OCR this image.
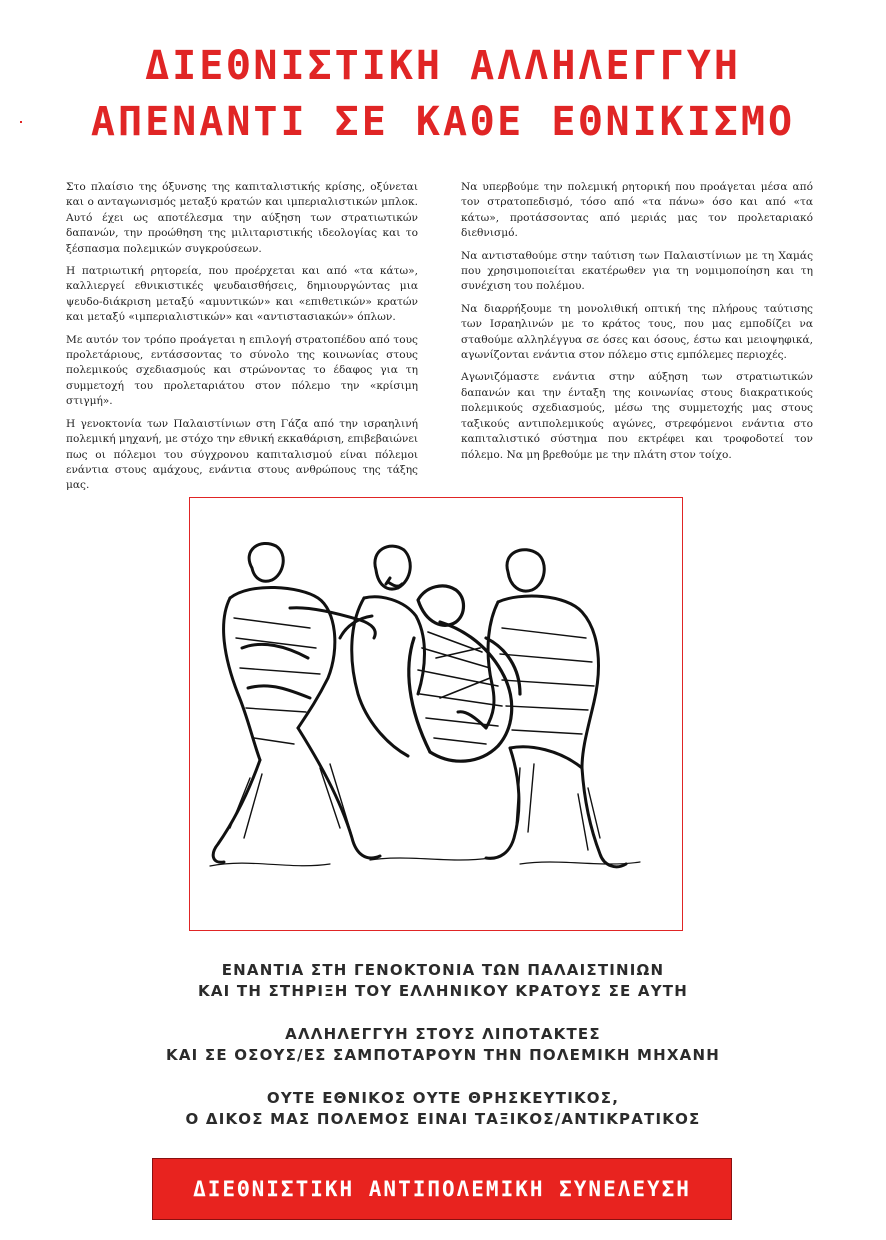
ΔΙΕΘΝΙΣΤΙΚΗ ΑΛΛΗΛΕΓΓΥΗ
ΑΠΕΝΑΝΤΙ ΣΕ ΚΑΘΕ ΕΘΝΙΚΙΣΜΟ

Στο πλαίσιο της όξυνσης της καπιταλιστικής κρίσης, οξύνεται και ο ανταγωνισμός μεταξύ κρατών και ιμπεριαλιστικών μπλοκ. Αυτό έχει ως αποτέλεσμα την αύξηση των στρατιωτικών δαπανών, την προώθηση της μιλιταριστικής ιδεολογίας και το ξέσπασμα πολεμικών συγκρούσεων.

Η πατριωτική ρητορεία, που προέρχεται και από «τα κάτω», καλλιεργεί εθνικιστικές ψευδαισθήσεις, δημιουργώντας μια ψευδο-διάκριση μεταξύ «αμυντικών» και «επιθετικών» κρατών και μεταξύ «ιμπεριαλιστικών» και «αντιστασιακών» όπλων.

Με αυτόν τον τρόπο προάγεται η επιλογή στρατοπέδου από τους προλετάριους, εντάσσοντας το σύνολο της κοινωνίας στους πολεμικούς σχεδιασμούς και στρώνοντας το έδαφος για τη συμμετοχή του προλεταριάτου στον πόλεμο την «κρίσιμη στιγμή».

Η γενοκτονία των Παλαιστίνιων στη Γάζα από την ισραηλινή πολεμική μηχανή, με στόχο την εθνική εκκαθάριση, επιβεβαιώνει πως οι πόλεμοι του σύγχρονου καπιταλισμού είναι πόλεμοι ενάντια στους αμάχους, ενάντια στους ανθρώπους της τάξης μας.

Να υπερβούμε την πολεμική ρητορική που προάγεται μέσα από τον στρατοπεδισμό, τόσο από «τα πάνω» όσο και από «τα κάτω», προτάσσοντας από μεριάς μας τον προλεταριακό διεθνισμό.

Να αντισταθούμε στην ταύτιση των Παλαιστίνιων με τη Χαμάς που χρησιμοποιείται εκατέρωθεν για τη νομιμοποίηση και τη συνέχιση του πολέμου.

Να διαρρήξουμε τη μονολιθική οπτική της πλήρους ταύτισης των Ισραηλινών με το κράτος τους, που μας εμποδίζει να σταθούμε αλληλέγγυα σε όσες και όσους, έστω και μειοψηφικά, αγωνίζονται ενάντια στον πόλεμο στις εμπόλεμες περιοχές.

Αγωνιζόμαστε ενάντια στην αύξηση των στρατιωτικών δαπανών και την ένταξη της κοινωνίας στους διακρατικούς πολεμικούς σχεδιασμούς, μέσω της συμμετοχής μας στους ταξικούς αντιπολεμικούς αγώνες, στρεφόμενοι ενάντια στο καπιταλιστικό σύστημα που εκτρέφει και τροφοδοτεί τον πόλεμο. Να μη βρεθούμε με την πλάτη στον τοίχο.

ΕΝΑΝΤΙΑ ΣΤΗ ΓΕΝΟΚΤΟΝΙΑ ΤΩΝ ΠΑΛΑΙΣΤΙΝΙΩΝ
ΚΑΙ ΤΗ ΣΤΗΡΙΞΗ ΤΟΥ ΕΛΛΗΝΙΚΟΥ ΚΡΑΤΟΥΣ ΣΕ ΑΥΤΗ
ΑΛΛΗΛΕΓΓΥΗ ΣΤΟΥΣ ΛΙΠΟΤΑΚΤΕΣ
ΚΑΙ ΣΕ ΟΣΟΥΣ/ΕΣ ΣΑΜΠΟΤΑΡΟΥΝ ΤΗΝ ΠΟΛΕΜΙΚΗ ΜΗΧΑΝΗ
ΟΥΤΕ ΕΘΝΙΚΟΣ ΟΥΤΕ ΘΡΗΣΚΕΥΤΙΚΟΣ,
Ο ΔΙΚΟΣ ΜΑΣ ΠΟΛΕΜΟΣ ΕΙΝΑΙ ΤΑΞΙΚΟΣ/ΑΝΤΙΚΡΑΤΙΚΟΣ
ΔΙΕΘΝΙΣΤΙΚΗ ΑΝΤΙΠΟΛΕΜΙΚΗ ΣΥΝΕΛΕΥΣΗ
